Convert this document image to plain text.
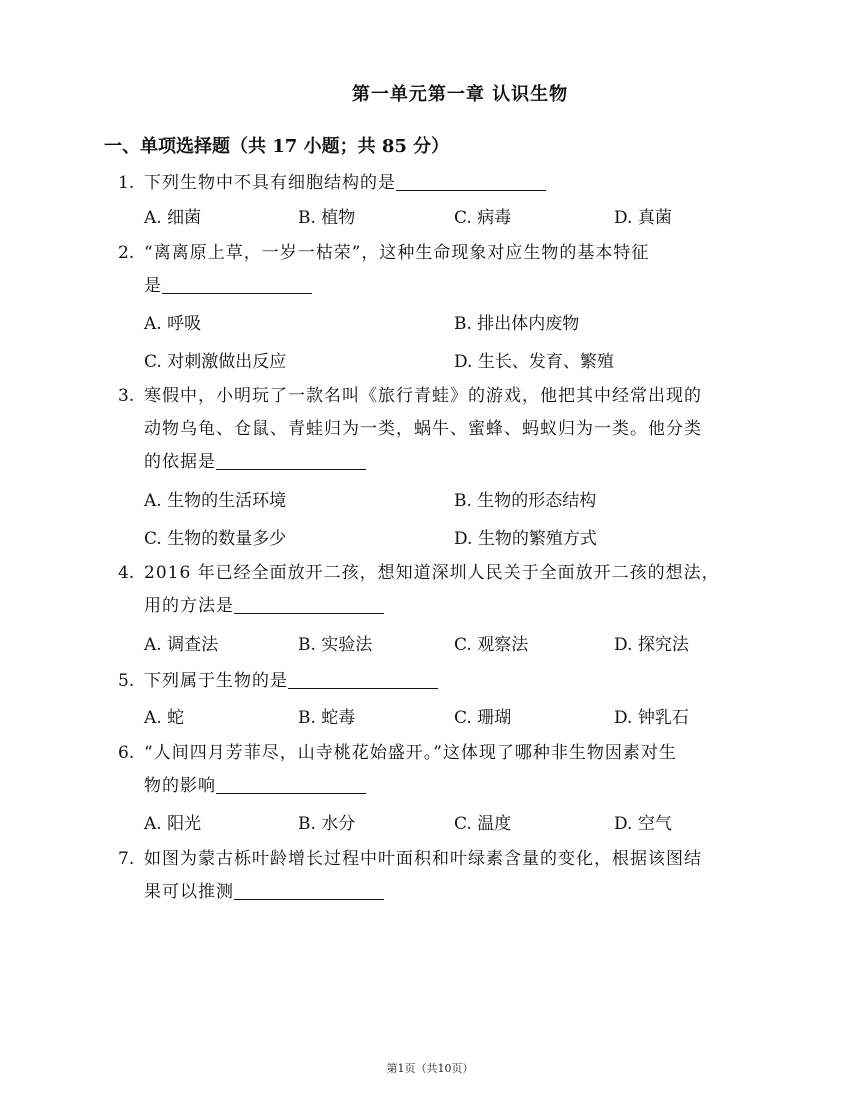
第一单元第一章 认识生物
一、单项选择题（共 17 小题；共 85 分）
1. 下列生物中不具有细胞结构的是
A. 细菌	B. 植物	C. 病毒	D. 真菌
2. “离离原上草，一岁一枯荣”，这种生命现象对应生物的基本特征
是
A. 呼吸	B. 排出体内废物
C. 对刺激做出反应	D. 生长、发育、繁殖
3. 寒假中，小明玩了一款名叫《旅行青蛙》的游戏，他把其中经常出现的
动物乌龟、仓鼠、青蛙归为一类，蜗牛、蜜蜂、蚂蚁归为一类。他分类
的依据是
A. 生物的生活环境	B. 生物的形态结构
C. 生物的数量多少	D. 生物的繁殖方式
4. 2016 年已经全面放开二孩，想知道深圳人民关于全面放开二孩的想法，
用的方法是
A. 调查法	B. 实验法	C. 观察法	D. 探究法
5. 下列属于生物的是
A. 蛇	B. 蛇毒	C. 珊瑚	D. 钟乳石
6. “人间四月芳菲尽，山寺桃花始盛开。”这体现了哪种非生物因素对生
物的影响
A. 阳光	B. 水分	C. 温度	D. 空气
7. 如图为蒙古栎叶龄增长过程中叶面积和叶绿素含量的变化，根据该图结
果可以推测
第1页（共10页）
